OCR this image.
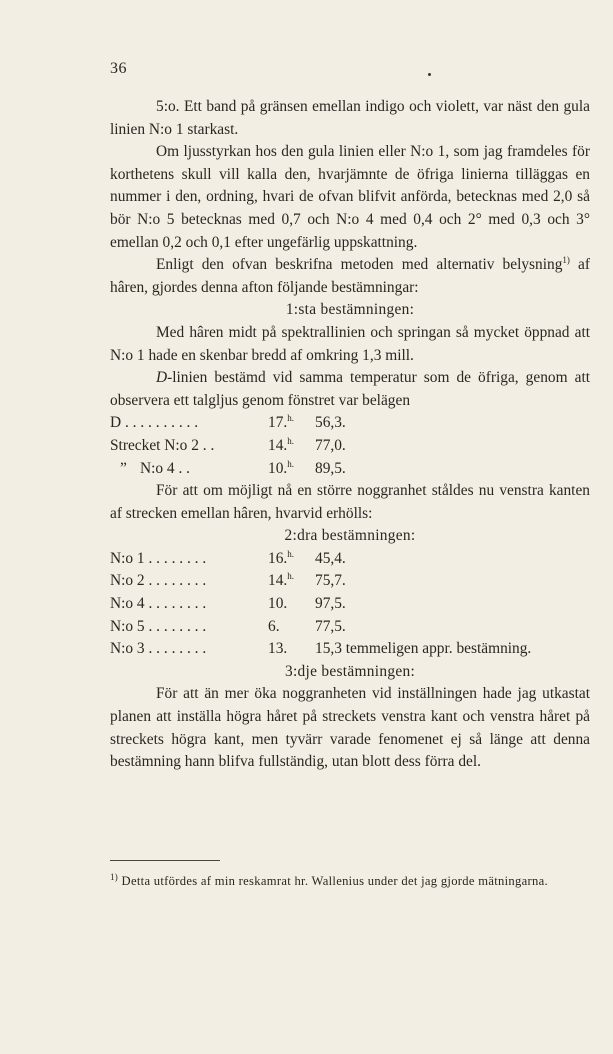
36

5:o. Ett band på gränsen emellan indigo och violett, var näst den gula linien N:o 1 starkast.

Om ljusstyrkan hos den gula linien eller N:o 1, som jag framdeles för korthetens skull vill kalla den, hvarjämnte de öfriga linierna tilläggas en nummer i den, ordning, hvari de ofvan blifvit anförda, betecknas med 2,0 så bör N:o 5 betecknas med 0,7 och N:o 4 med 0,4 och 2° med 0,3 och 3° emellan 0,2 och 0,1 efter ungefärlig uppskattning.

Enligt den ofvan beskrifna metoden med alternativ belysning$^{1)}$ af hâren, gjordes denna afton följande bestämningar:

1:sta bestämningen:

Med hâren midt på spektrallinien och springan så mycket öppnad att N:o 1 hade en skenbar bredd af omkring 1,3 mill.

D-linien bestämd vid samma temperatur som de öfriga, genom att observera ett talgljus genom fönstret var belägen

D . . . . . . . . . .	17.$^{h.}$	56,3.
Strecket N:o 2 . .	14.$^{h.}$	77,0.
” N:o 4 . .	10.$^{h.}$	89,5.

För att om möjligt nå en större noggranhet ståldes nu venstra kanten af strecken emellan hâren, hvarvid erhölls:

2:dra bestämningen:

N:o 1 . . . . . . . .	16.$^{h.}$	45,4.
N:o 2 . . . . . . . .	14.$^{h.}$	75,7.
N:o 4 . . . . . . . .	10.	97,5.
N:o 5 . . . . . . . .	6.	77,5.
N:o 3 . . . . . . . .	13.	15,3 temmeligen appr. bestämning.

3:dje bestämningen:

För att än mer öka noggranheten vid inställningen hade jag utkastat planen att inställa högra håret på streckets venstra kant och venstra håret på streckets högra kant, men tyvärr varade fenomenet ej så länge att denna bestämning hann blifva fullständig, utan blott dess förra del.

$^{1)}$ Detta utfördes af min reskamrat hr. Wallenius under det jag gjorde mätningarna.
